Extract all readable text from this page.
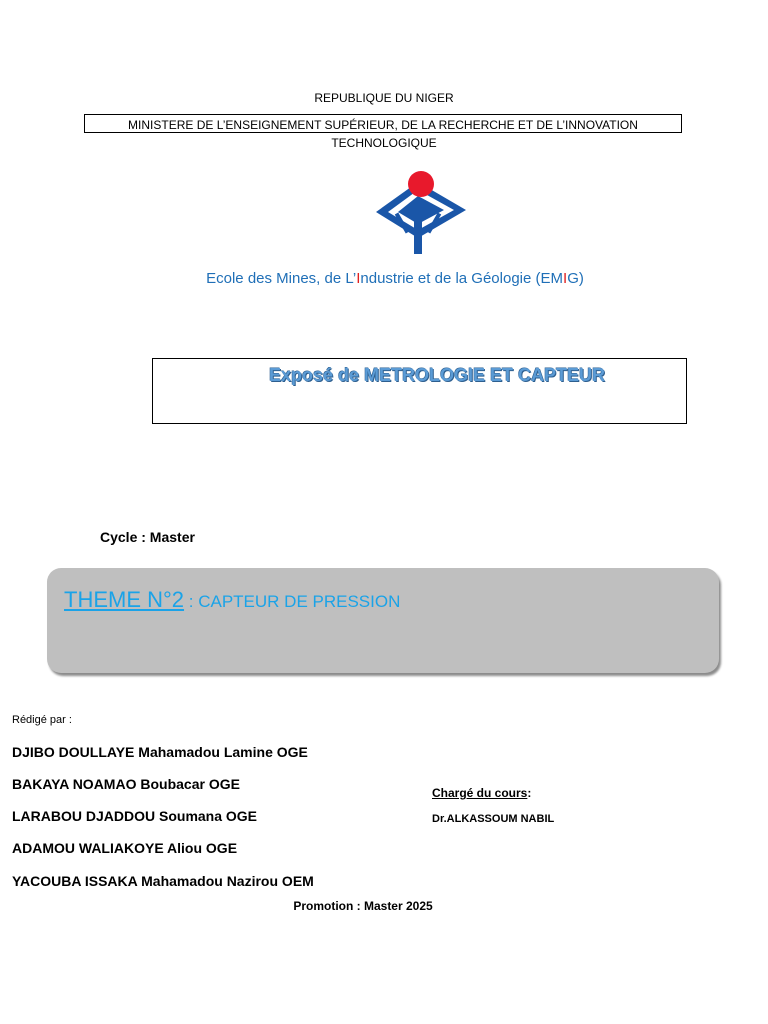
REPUBLIQUE DU NIGER
MINISTERE DE L’ENSEIGNEMENT SUPÉRIEUR, DE LA RECHERCHE ET DE L’INNOVATION
TECHNOLOGIQUE
Ecole des Mines, de L’Industrie et de la Géologie (EMIG)
Exposé de METROLOGIE ET CAPTEUR
Cycle : Master
THEME N°2 : CAPTEUR DE PRESSION
Rédigé par :
DJIBO DOULLAYE Mahamadou Lamine OGE
BAKAYA NOAMAO Boubacar OGE
LARABOU DJADDOU Soumana OGE
ADAMOU WALIAKOYE Aliou OGE
YACOUBA ISSAKA Mahamadou Nazirou OEM
Chargé du cours:
Dr.ALKASSOUM NABIL
Promotion : Master 2025
